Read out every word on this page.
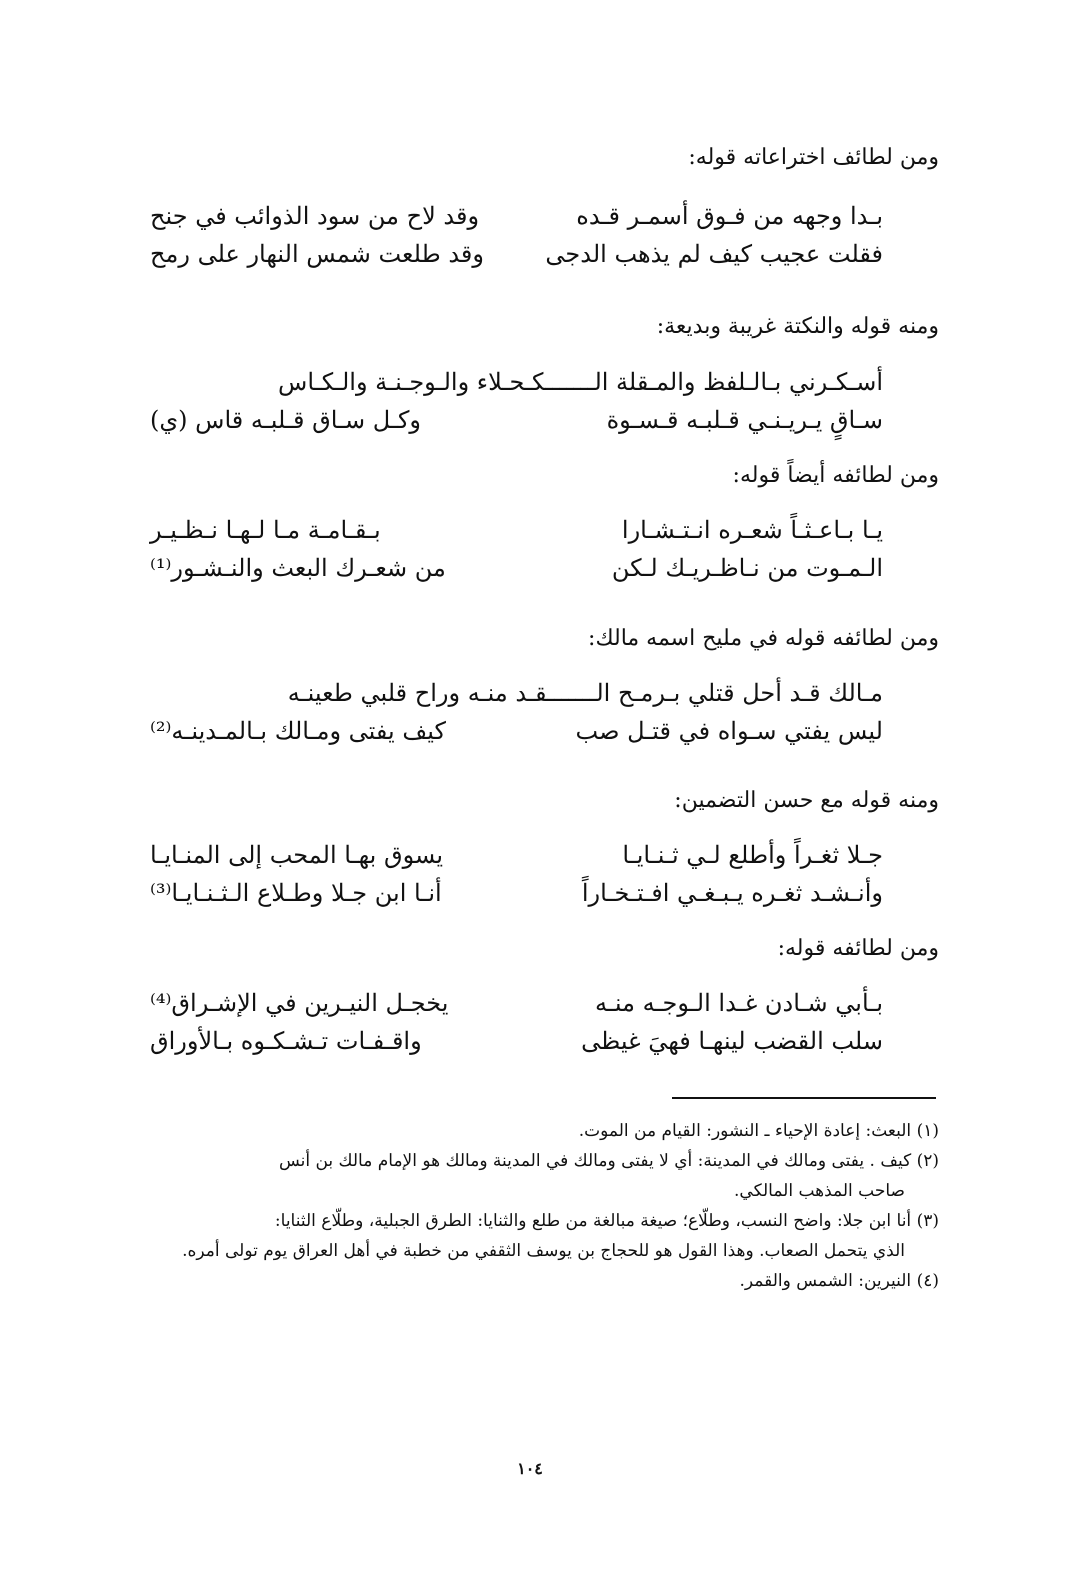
ومن لطائف اختراعاته قوله:
بـدا وجهه من فـوق أسمـر قـده
وقد لاح من سود الذوائب في جنح
فقلت عجيب كيف لم يذهب الدجى
وقد طلعت شمس النهار على رمح
ومنه قوله والنكتة غريبة وبديعة:
أسـكـرني بـالـلفظ والمـقلة الـــــــكـحـلاء والـوجـنـة والـكـاس
سـاقٍ يـريـنـي قـلبـه قـسـوة
وكـل سـاق قـلبـه قاس (ي)
ومن لطائفه أيضاً قوله:
يـا بـاعـثـاً شعـره انـتـشـارا
بـقـامـة مـا لـهـا نـظـيـر
الـمـوت من نـاظـريـك لـكن
من شعـرك البعث والنـشـور⁽¹⁾
ومن لطائفه قوله في مليح اسمه مالك:
مـالك قـد أحل قتلي بـرمـح الـــــــقـد منـه وراح قلبي طعينـه
ليس يفتي سـواه في قتـل صب
كيف يفتى ومـالك بـالمـدينـه⁽²⁾
ومنه قوله مع حسن التضمين:
جـلا ثغـراً وأطلع لـي ثـنـايـا
يسوق بهـا المحب إلى المنـايـا
وأنـشـد ثغـره يـبـغـي افـتـخـاراً
أنـا ابن جـلا وطـلاع الـثـنـايـا⁽³⁾
ومن لطائفه قوله:
بـأبي شـادن غـدا الـوجـه منـه
يخجـل النيـرين في الإشـراق⁽⁴⁾
سلب القضب لينهـا فهيَ غيظى
واقـفـات تـشـكـوه بـالأوراق

(١) البعث: إعادة الإحياء ـ النشور: القيام من الموت.

(٢) كيف . يفتى ومالك في المدينة: أي لا يفتى ومالك في المدينة ومالك هو الإمام مالك بن أنس
صاحب المذهب المالكي.

(٣) أنا ابن جلا: واضح النسب، وطلّاع؛ صيغة مبالغة من طلع والثنايا: الطرق الجبلية، وطلّاع الثنايا:
الذي يتحمل الصعاب. وهذا القول هو للحجاج بن يوسف الثقفي من خطبة في أهل العراق يوم تولى أمره.

(٤) النيرين: الشمس والقمر.

١٠٤
